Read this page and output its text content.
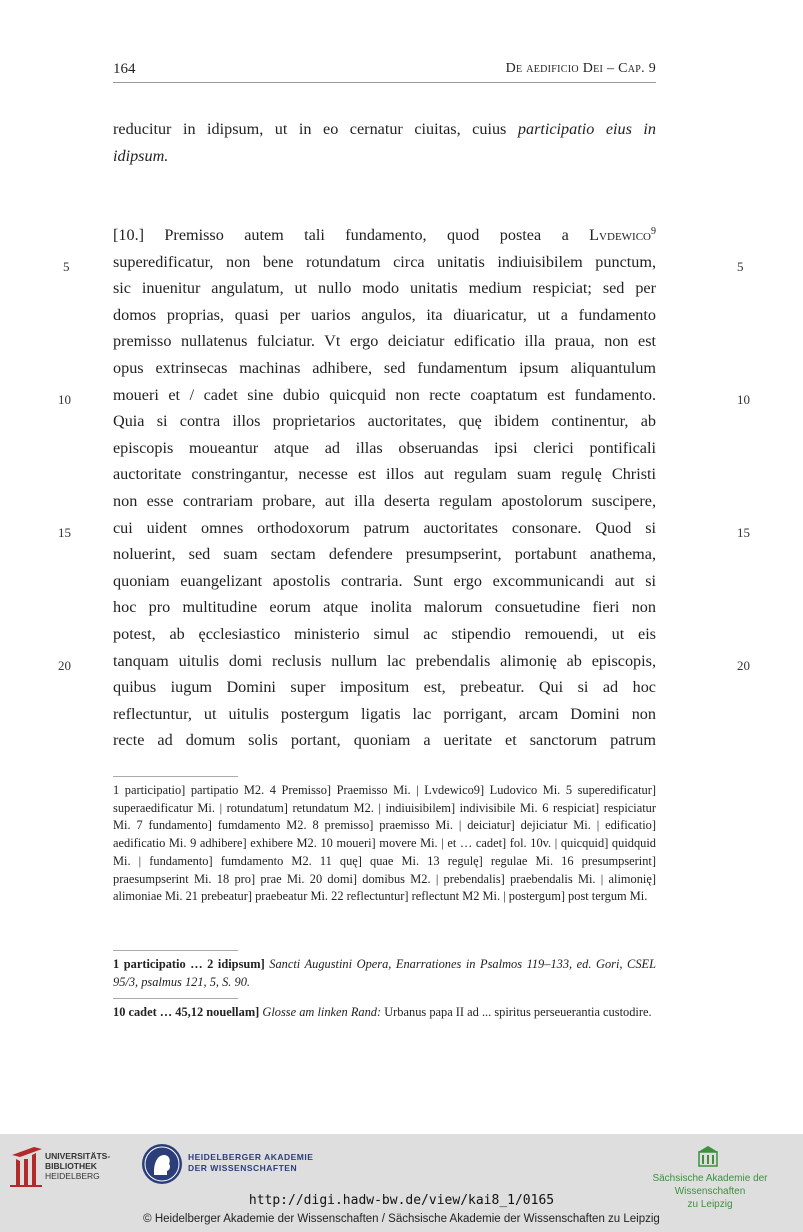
164	De aedificio Dei – Cap. 9
reducitur in idipsum, ut in eo cernatur ciuitas, cuius participatio eius in
idipsum.
[10.] Premisso autem tali fundamento, quod postea a Lvdewico$^9$
superedificatur, non bene rotundatum circa unitatis indiuisibilem punctum,
sic inuenitur angulatum, ut nullo modo unitatis medium respiciat; sed per
domos proprias, quasi per uarios angulos, ita diuaricatur, ut a fundamento
premisso nullatenus fulciatur. Vt ergo deiciatur edificatio illa praua, non est
opus extrinsecas machinas adhibere, sed fundamentum ipsum aliquantulum
moueri et / cadet sine dubio quicquid non recte coaptatum est fundamento.
Quia si contra illos proprietarios auctoritates, quę ibidem continentur, ab
episcopis moueantur atque ad illas obseruandas ipsi clerici pontificali
auctoritate constringantur, necesse est illos aut regulam suam regulę Christi
non esse contrariam probare, aut illa deserta regulam apostolorum suscipere,
cui uident omnes orthodoxorum patrum auctoritates consonare. Quod si
noluerint, sed suam sectam defendere presumpserint, portabunt anathema,
quoniam euangelizant apostolis contraria. Sunt ergo excommunicandi aut si
hoc pro multitudine eorum atque inolita malorum consuetudine fieri non
potest, ab ęcclesiastico ministerio simul ac stipendio remouendi, ut eis
tanquam uitulis domi reclusis nullum lac prebendalis alimonię ab episcopis,
quibus iugum Domini super impositum est, prebeatur. Qui si ad hoc
reflectuntur, ut uitulis postergum ligatis lac porrigant, arcam Domini non
recte ad domum solis portant, quoniam a ueritate et sanctorum patrum
5	5
10	10
15	15
20	20
1 participatio] partipatio M2. 4 Premisso] Praemisso Mi. | Lvdewico9] Ludovico Mi. 5 superedificatur] superaedificatur Mi. | rotundatum] retundatum M2. | indiuisibilem] indivisibile Mi. 6 respiciat] respiciatur Mi. 7 fundamento] fumdamento M2. 8 premisso] praemisso Mi. | deiciatur] dejiciatur Mi. | edificatio] aedificatio Mi. 9 adhibere] exhibere M2. 10 moueri] movere Mi. | et … cadet] fol. 10v. | quicquid] quidquid Mi. | fundamento] fumdamento M2. 11 quę] quae Mi. 13 regulę] regulae Mi. 16 presumpserint] praesumpserint Mi. 18 pro] prae Mi. 20 domi] domibus M2. | prebendalis] praebendalis Mi. | alimonię] alimoniae Mi. 21 prebeatur] praebeatur Mi. 22 reflectuntur] reflectunt M2 Mi. | postergum] post tergum Mi.
1 participatio … 2 idipsum] Sancti Augustini Opera, Enarrationes in Psalmos 119–133, ed. Gori, CSEL 95/3, psalmus 121, 5, S. 90.
10 cadet … 45,12 nouellam] Glosse am linken Rand: Urbanus papa II ad ... spiritus perseuerantia custodire.
UNIVERSITÄTS-
BIBLIOTHEK
HEIDELBERG
HEIDELBERGER AKADEMIE
DER WISSENSCHAFTEN
Sächsische Akademie der Wissenschaften
zu Leipzig
http://digi.hadw-bw.de/view/kai8_1/0165
© Heidelberger Akademie der Wissenschaften / Sächsische Akademie der Wissenschaften zu Leipzig
